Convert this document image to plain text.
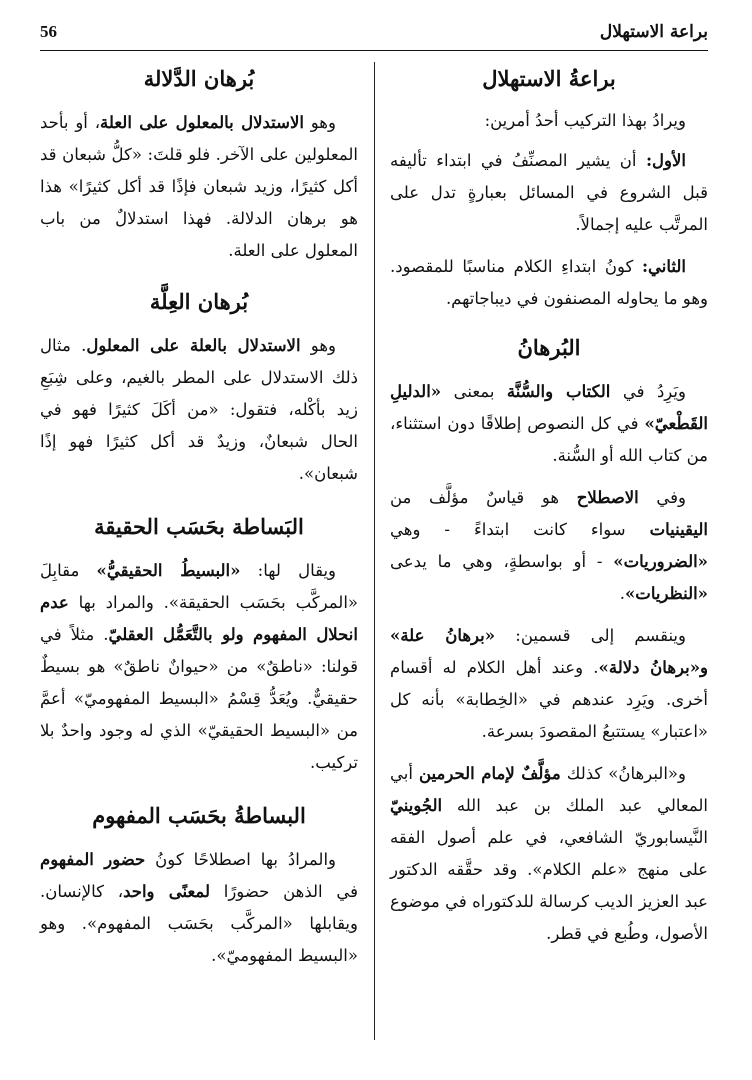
براعة الاستهلال
56
براعةُ الاستهلال

ويرادُ بهذا التركيب أحدُ أمرين:

الأول: أن يشير المصنِّفُ في ابتداء تأليفه قبل الشروع في المسائل بعبارةٍ تدل على المرتَّب عليه إجمالاً.

الثاني: كونُ ابتداءِ الكلام مناسبًا للمقصود. وهو ما يحاوله المصنفون في ديباجاتهم.

البُرهانُ

ويَرِدُ في الكتاب والسُّنَّة بمعنى «الدليلِ القَطْعيّ» في كل النصوص إطلاقًا دون استثناء، من كتاب الله أو السُّنة.

وفي الاصطلاح هو قياسٌ مؤلَّف من اليقينيات سواء كانت ابتداءً - وهي «الضروريات» - أو بواسطةٍ، وهي ما يدعى «النظريات».

وينقسم إلى قسمين: «برهانُ علة» و«برهانُ دلالة». وعند أهل الكلام له أقسام أخرى. ويَرِد عندهم في «الخِطابة» بأنه كل «اعتبار» يستتبعُ المقصودَ بسرعة.

و«البرهانُ» كذلك مؤلَّفٌ لإمام الحرمين أبي المعالي عبد الملك بن عبد الله الجُوينيّ النَّيسابوريّ الشافعي، في علم أصول الفقه على منهج «علم الكلام». وقد حقَّقه الدكتور عبد العزيز الديب كرسالة للدكتوراه في موضوع الأصول، وطُبع في قطر.

بُرهان الدَّلالة

وهو الاستدلال بالمعلول على العلة، أو بأحد المعلولين على الآخر. فلو قلتَ: «كلُّ شبعان قد أكل كثيرًا، وزيد شبعان فإذًا قد أكل كثيرًا» هذا هو برهان الدلالة. فهذا استدلالٌ من باب المعلول على العلة.

بُرهان العِلَّة

وهو الاستدلال بالعلة على المعلول. مثال ذلك الاستدلال على المطر بالغيم، وعلى شِبَعِ زيد بأكْله، فتقول: «من أكَلَ كثيرًا فهو في الحال شبعانٌ، وزيدٌ قد أكل كثيرًا فهو إذًا شبعان».

البَساطة بحَسَب الحقيقة

ويقال لها: «البسيطُ الحقيقيُّ» مقابِلَ «المركَّب بحَسَب الحقيقة». والمراد بها عدم انحلال المفهوم ولو بالتَّعَمُّل العقليّ. مثلاً في قولنا: «ناطقٌ» من «حيوانٌ ناطقٌ» هو بسيطٌ حقيقيٌّ. ويُعَدُّ قِسْمُ «البسيط المفهوميّ» أعمَّ من «البسيط الحقيقيّ» الذي له وجود واحدٌ بلا تركيب.

البساطةُ بحَسَب المفهوم

والمرادُ بها اصطلاحًا كونُ حضور المفهوم في الذهن حضورًا لمعنًى واحد، كالإنسان. ويقابلها «المركَّب بحَسَب المفهوم». وهو «البسيط المفهوميّ».
